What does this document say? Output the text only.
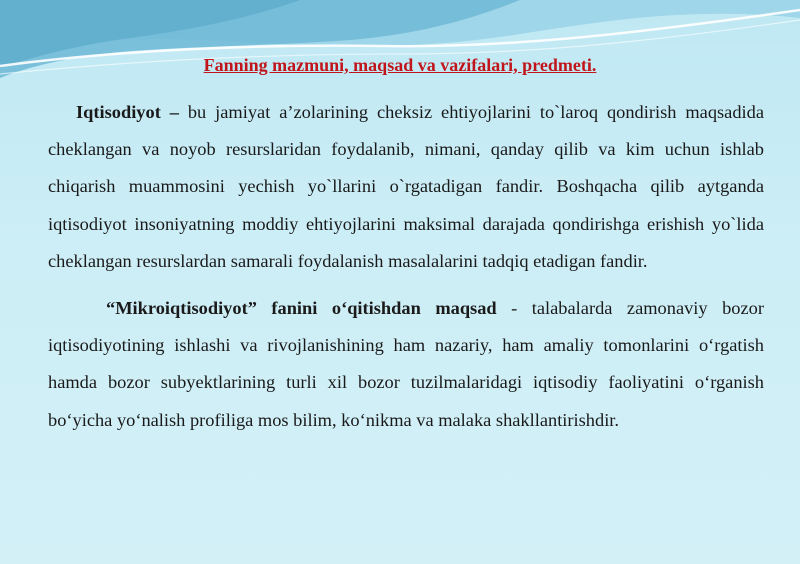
Fanning mazmuni, maqsad va vazifalari, predmeti.

Iqtisodiyot – bu jamiyat a’zolarining cheksiz ehtiyojlarini to`laroq qondirish maqsadida cheklangan va noyob resurslaridan foydalanib, nimani, qanday qilib va kim uchun ishlab chiqarish muammosini yechish yo`llarini o`rgatadigan fandir. Boshqacha qilib aytganda iqtisodiyot insoniyatning moddiy ehtiyojlarini maksimal darajada qondirishga erishish yo`lida cheklangan resurslardan samarali foydalanish masalalarini tadqiq etadigan fandir.

“Mikroiqtisodiyot” fanini o‘qitishdan maqsad - talabalarda zamonaviy bozor iqtisodiyotining ishlashi va rivojlanishining ham nazariy, ham amaliy tomonlarini o‘rgatish hamda bozor subyektlarining turli xil bozor tuzilmalaridagi iqtisodiy faoliyatini o‘rganish bo‘yicha yo‘nalish profiliga mos bilim, ko‘nikma va malaka shakllantirishdir.
